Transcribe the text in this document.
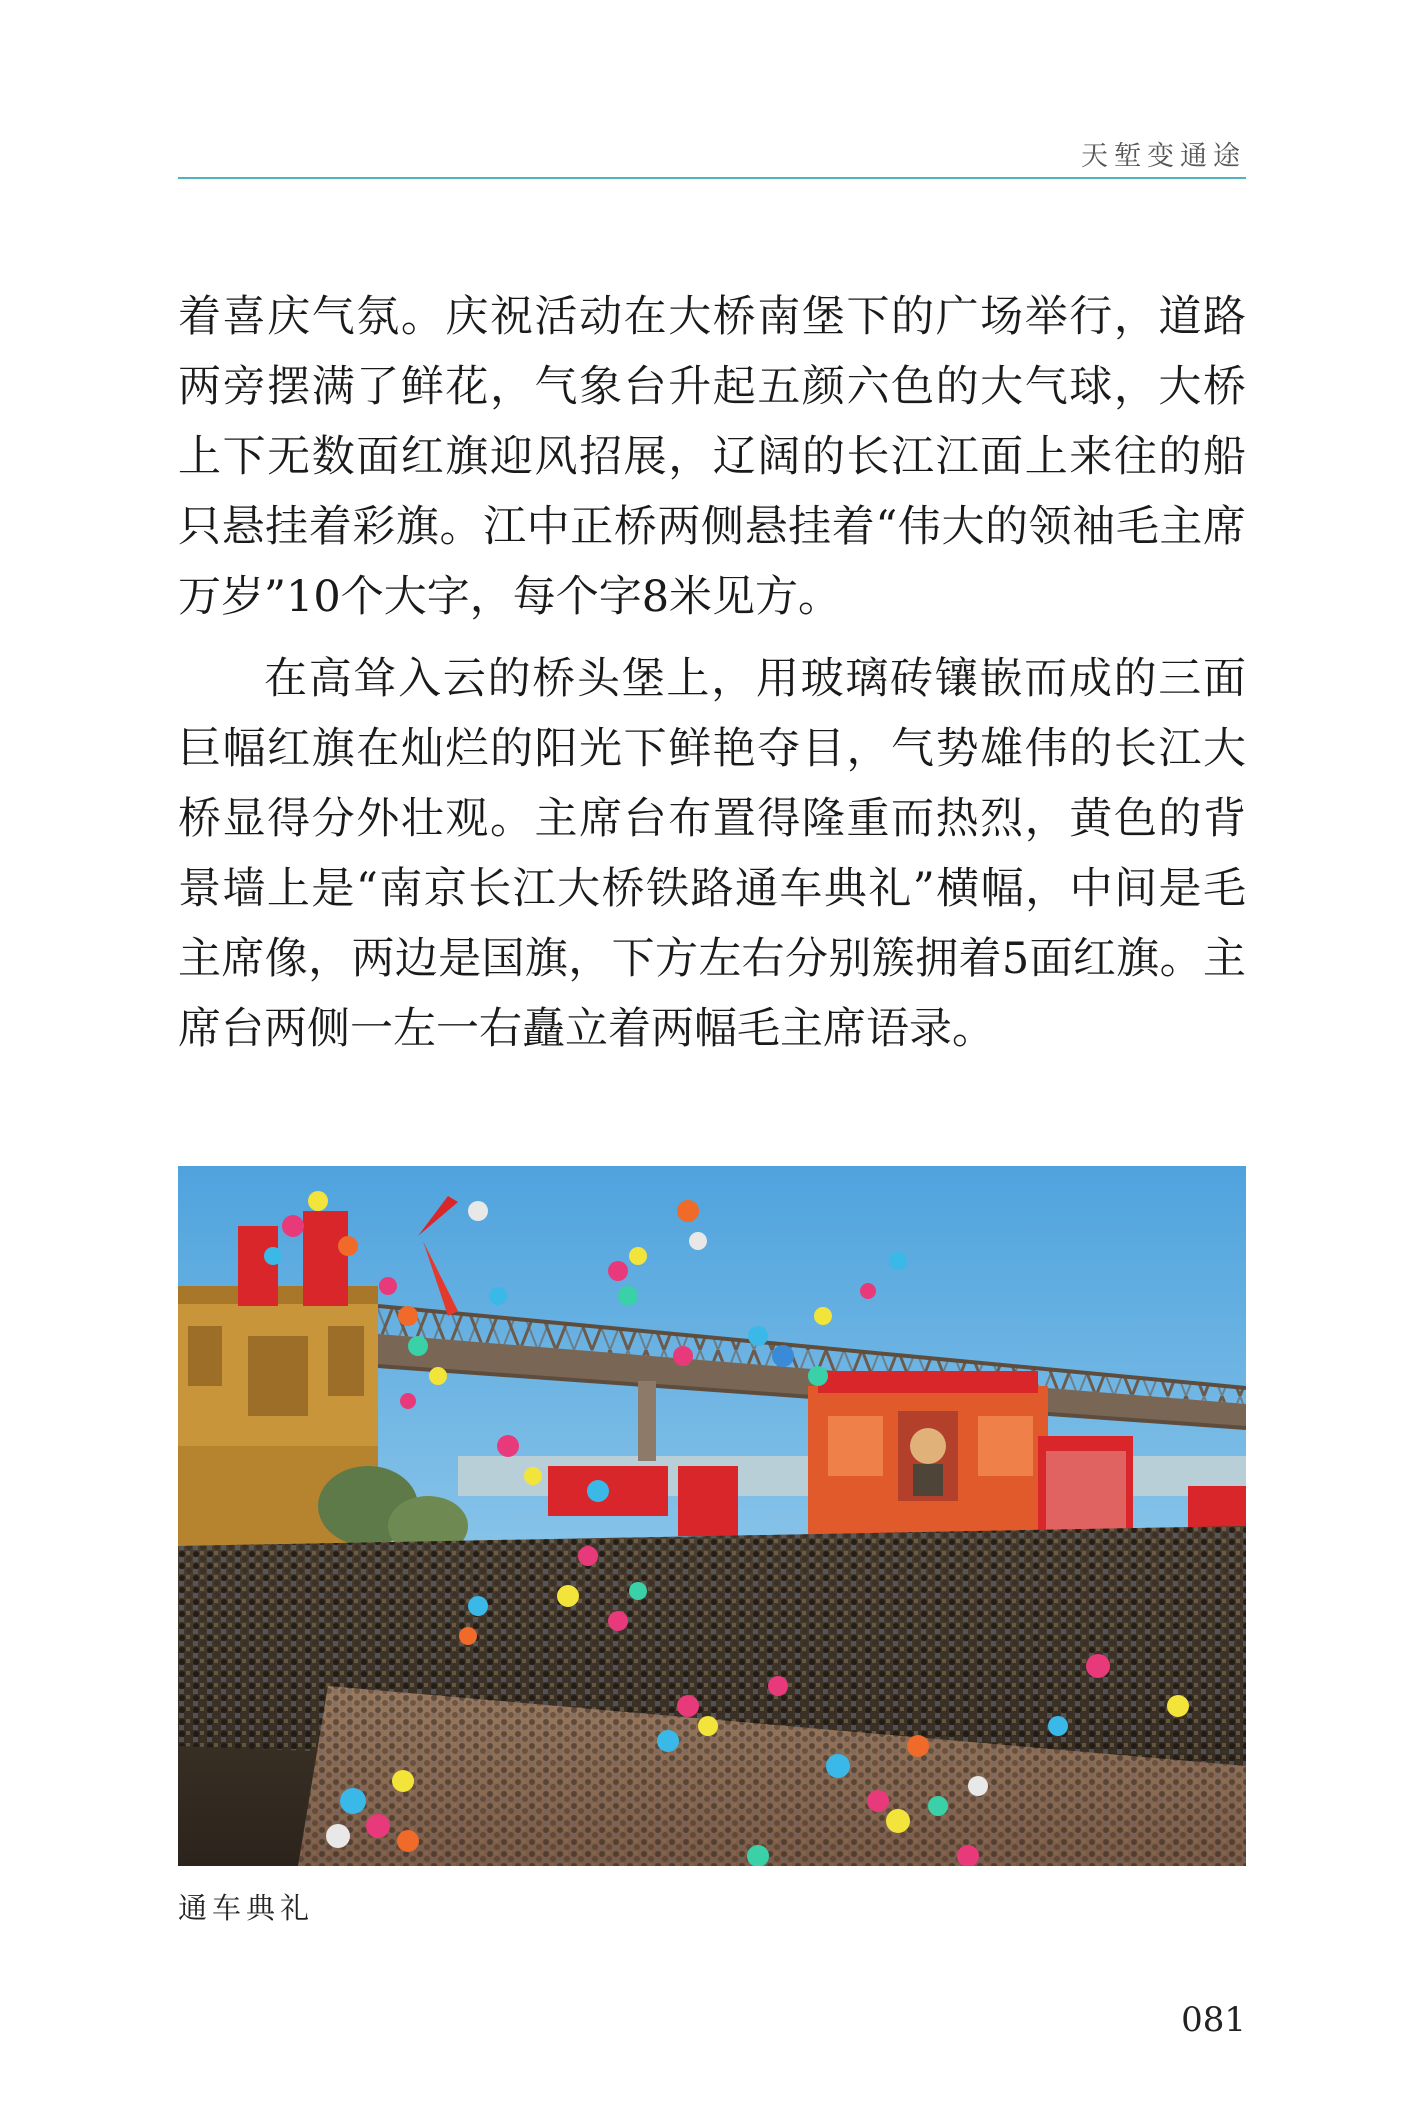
天堑变通途

着喜庆气氛。庆祝活动在大桥南堡下的广场举行，道路两旁摆满了鲜花，气象台升起五颜六色的大气球，大桥上下无数面红旗迎风招展，辽阔的长江江面上来往的船只悬挂着彩旗。江中正桥两侧悬挂着“伟大的领袖毛主席万岁”10个大字，每个字8米见方。

在高耸入云的桥头堡上，用玻璃砖镶嵌而成的三面巨幅红旗在灿烂的阳光下鲜艳夺目，气势雄伟的长江大桥显得分外壮观。主席台布置得隆重而热烈，黄色的背景墙上是“南京长江大桥铁路通车典礼”横幅，中间是毛主席像，两边是国旗，下方左右分别簇拥着5面红旗。主席台两侧一左一右矗立着两幅毛主席语录。

通车典礼
081
